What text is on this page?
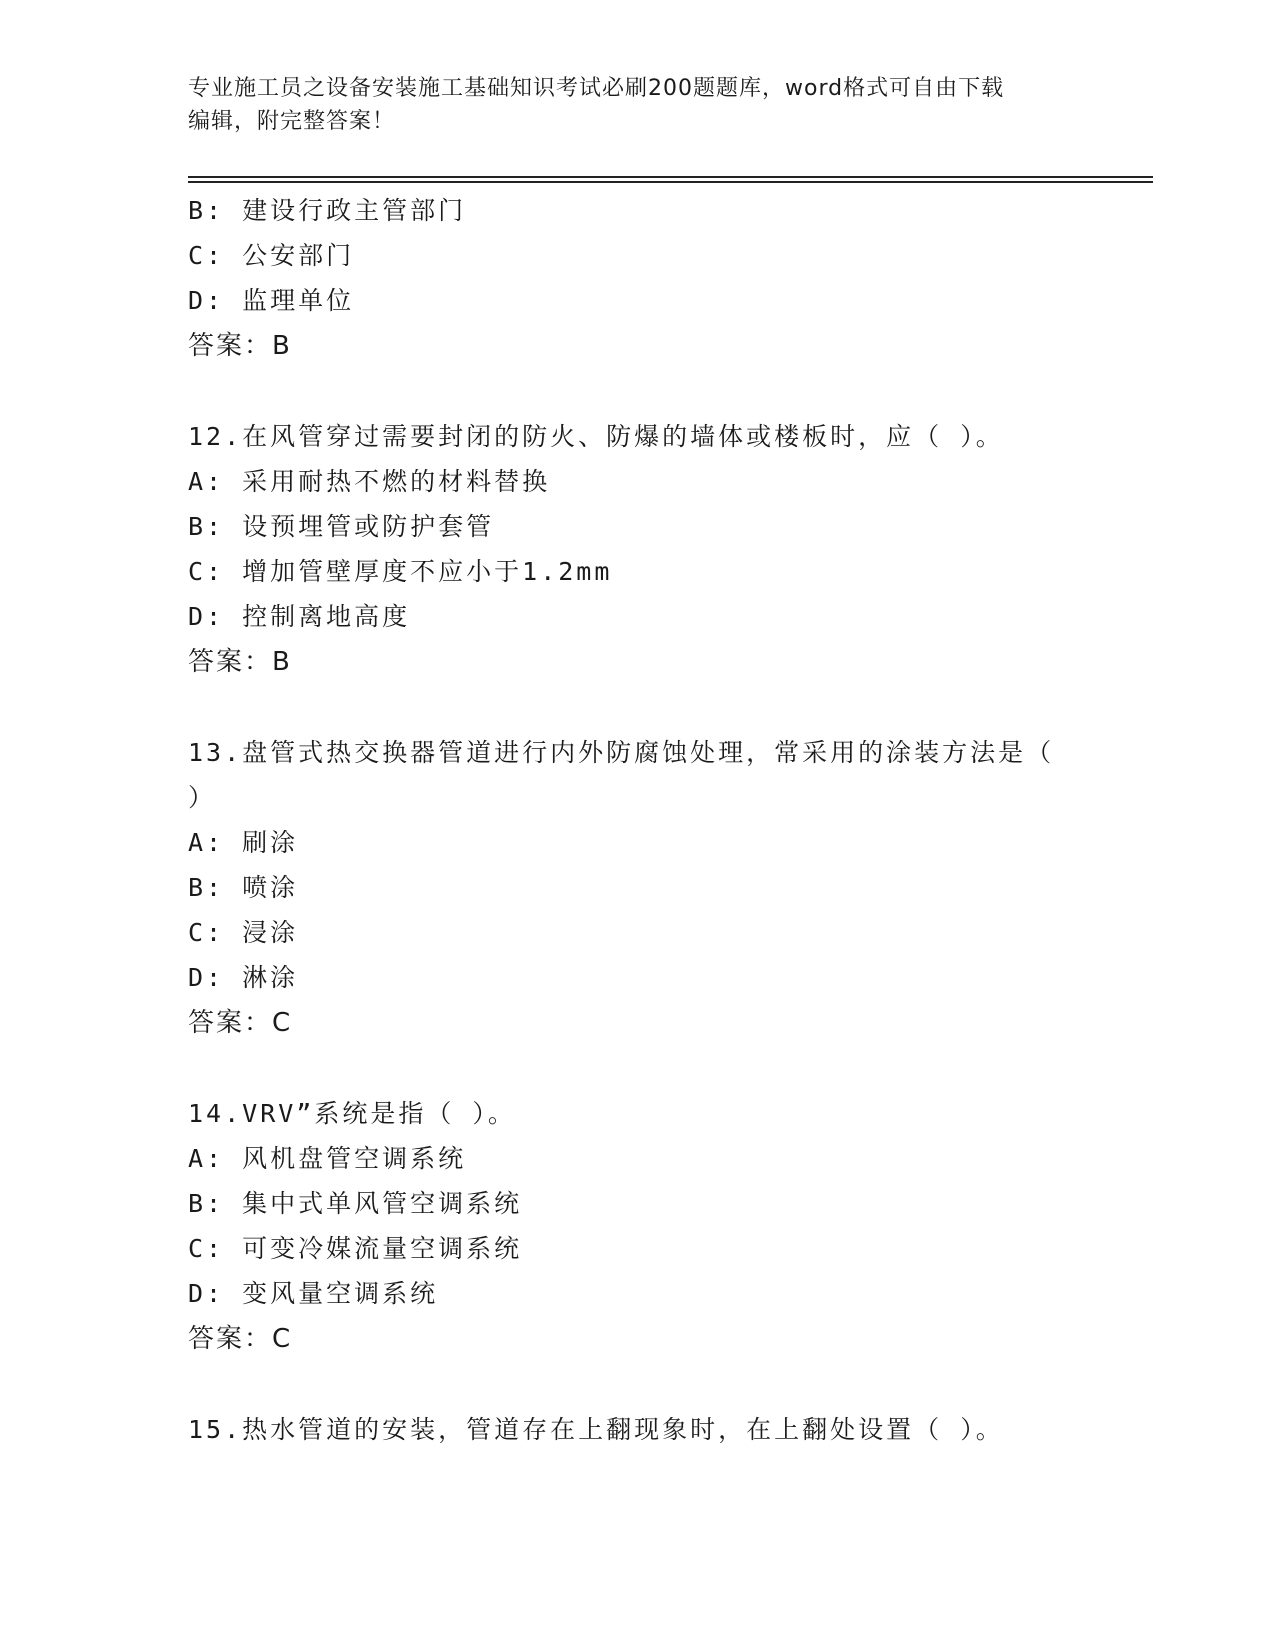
专业施工员之设备安装施工基础知识考试必刷200题题库，word格式可自由下载
编辑，附完整答案！
B: 建设行政主管部门
C: 公安部门
D: 监理单位
答案：B
12.在风管穿过需要封闭的防火、防爆的墙体或楼板时，应（ ）。
A: 采用耐热不燃的材料替换
B: 设预埋管或防护套管
C: 增加管壁厚度不应小于1.2mm
D: 控制离地高度
答案：B
13.盘管式热交换器管道进行内外防腐蚀处理，常采用的涂装方法是（
）
A: 刷涂
B: 喷涂
C: 浸涂
D: 淋涂
答案：C
14.VRV”系统是指（ ）。
A: 风机盘管空调系统
B: 集中式单风管空调系统
C: 可变冷媒流量空调系统
D: 变风量空调系统
答案：C
15.热水管道的安装，管道存在上翻现象时，在上翻处设置（ ）。
